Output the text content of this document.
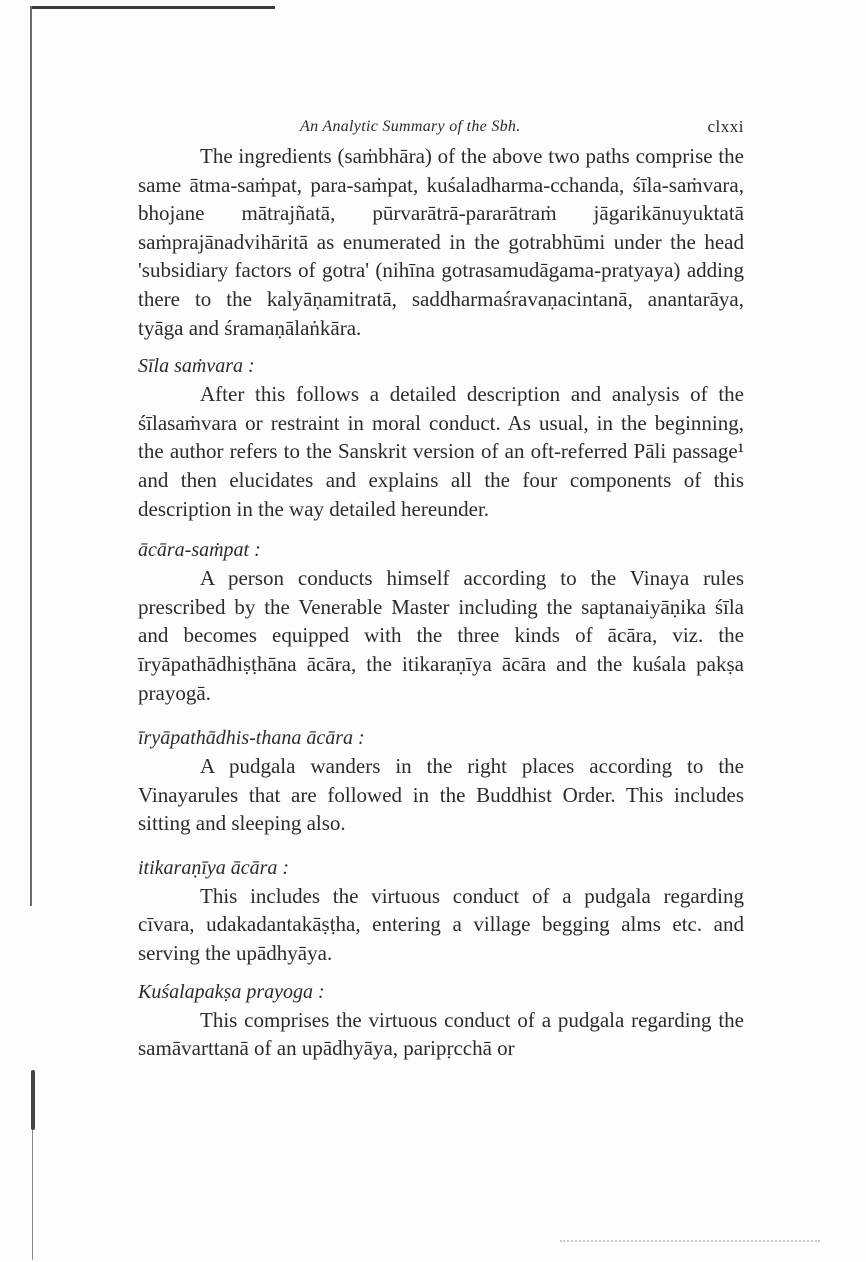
An Analytic Summary of the Sbh.	clxxi

The ingredients (saṁbhāra) of the above two paths comprise the same ātma-saṁpat, para-saṁpat, kuśaladharma-cchanda, śīla-saṁvara, bhojane mātrajñatā, pūrvarātrā-pararātraṁ jāgarikānuyuktatā saṁprajānadvihāritā as enumerated in the gotrabhūmi under the head 'subsidiary factors of gotra' (nihīna gotrasamudāgama-pratyaya) adding there to the kalyāṇamitratā, saddharmaśravaṇacintanā, anantarāya, tyāga and śramaṇālaṅkāra.

Sīla saṁvara :

After this follows a detailed description and analysis of the śīlasaṁvara or restraint in moral conduct. As usual, in the beginning, the author refers to the Sanskrit version of an oft-referred Pāli passage¹ and then elucidates and explains all the four components of this description in the way detailed hereunder.

ācāra-saṁpat :

A person conducts himself according to the Vinaya rules prescribed by the Venerable Master including the saptanaiyāṇika śīla and becomes equipped with the three kinds of ācāra, viz. the īryāpathādhiṣṭhāna ācāra, the itikaraṇīya ācāra and the kuśala pakṣa prayogā.

īryāpathādhis-thana ācāra :

A pudgala wanders in the right places according to the Vinayarules that are followed in the Buddhist Order. This includes sitting and sleeping also.

itikaraṇīya ācāra :

This includes the virtuous conduct of a pudgala regarding cīvara, udakadantakāṣṭha, entering a village begging alms etc. and serving the upādhyāya.

Kuśalapakṣa prayoga :

This comprises the virtuous conduct of a pudgala regarding the samāvarttanā of an upādhyāya, paripṛcchā or
